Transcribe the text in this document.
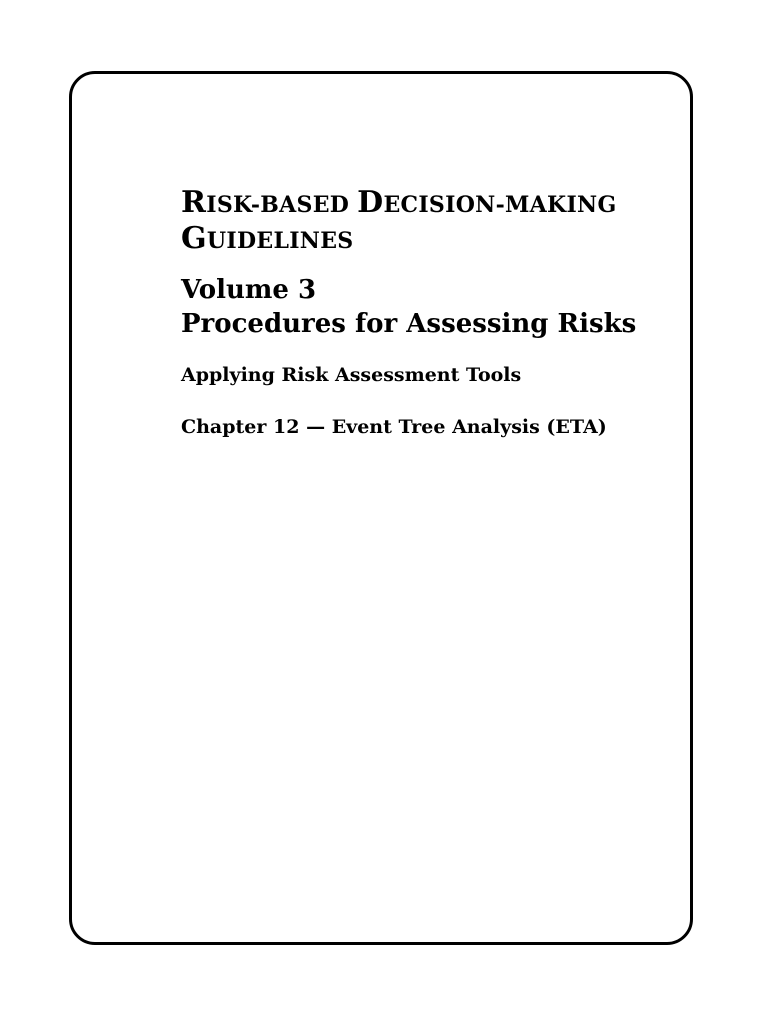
RISK-BASED DECISION-MAKING
GUIDELINES
Volume 3
Procedures for Assessing Risks

Applying Risk Assessment Tools

Chapter 12 — Event Tree Analysis (ETA)
